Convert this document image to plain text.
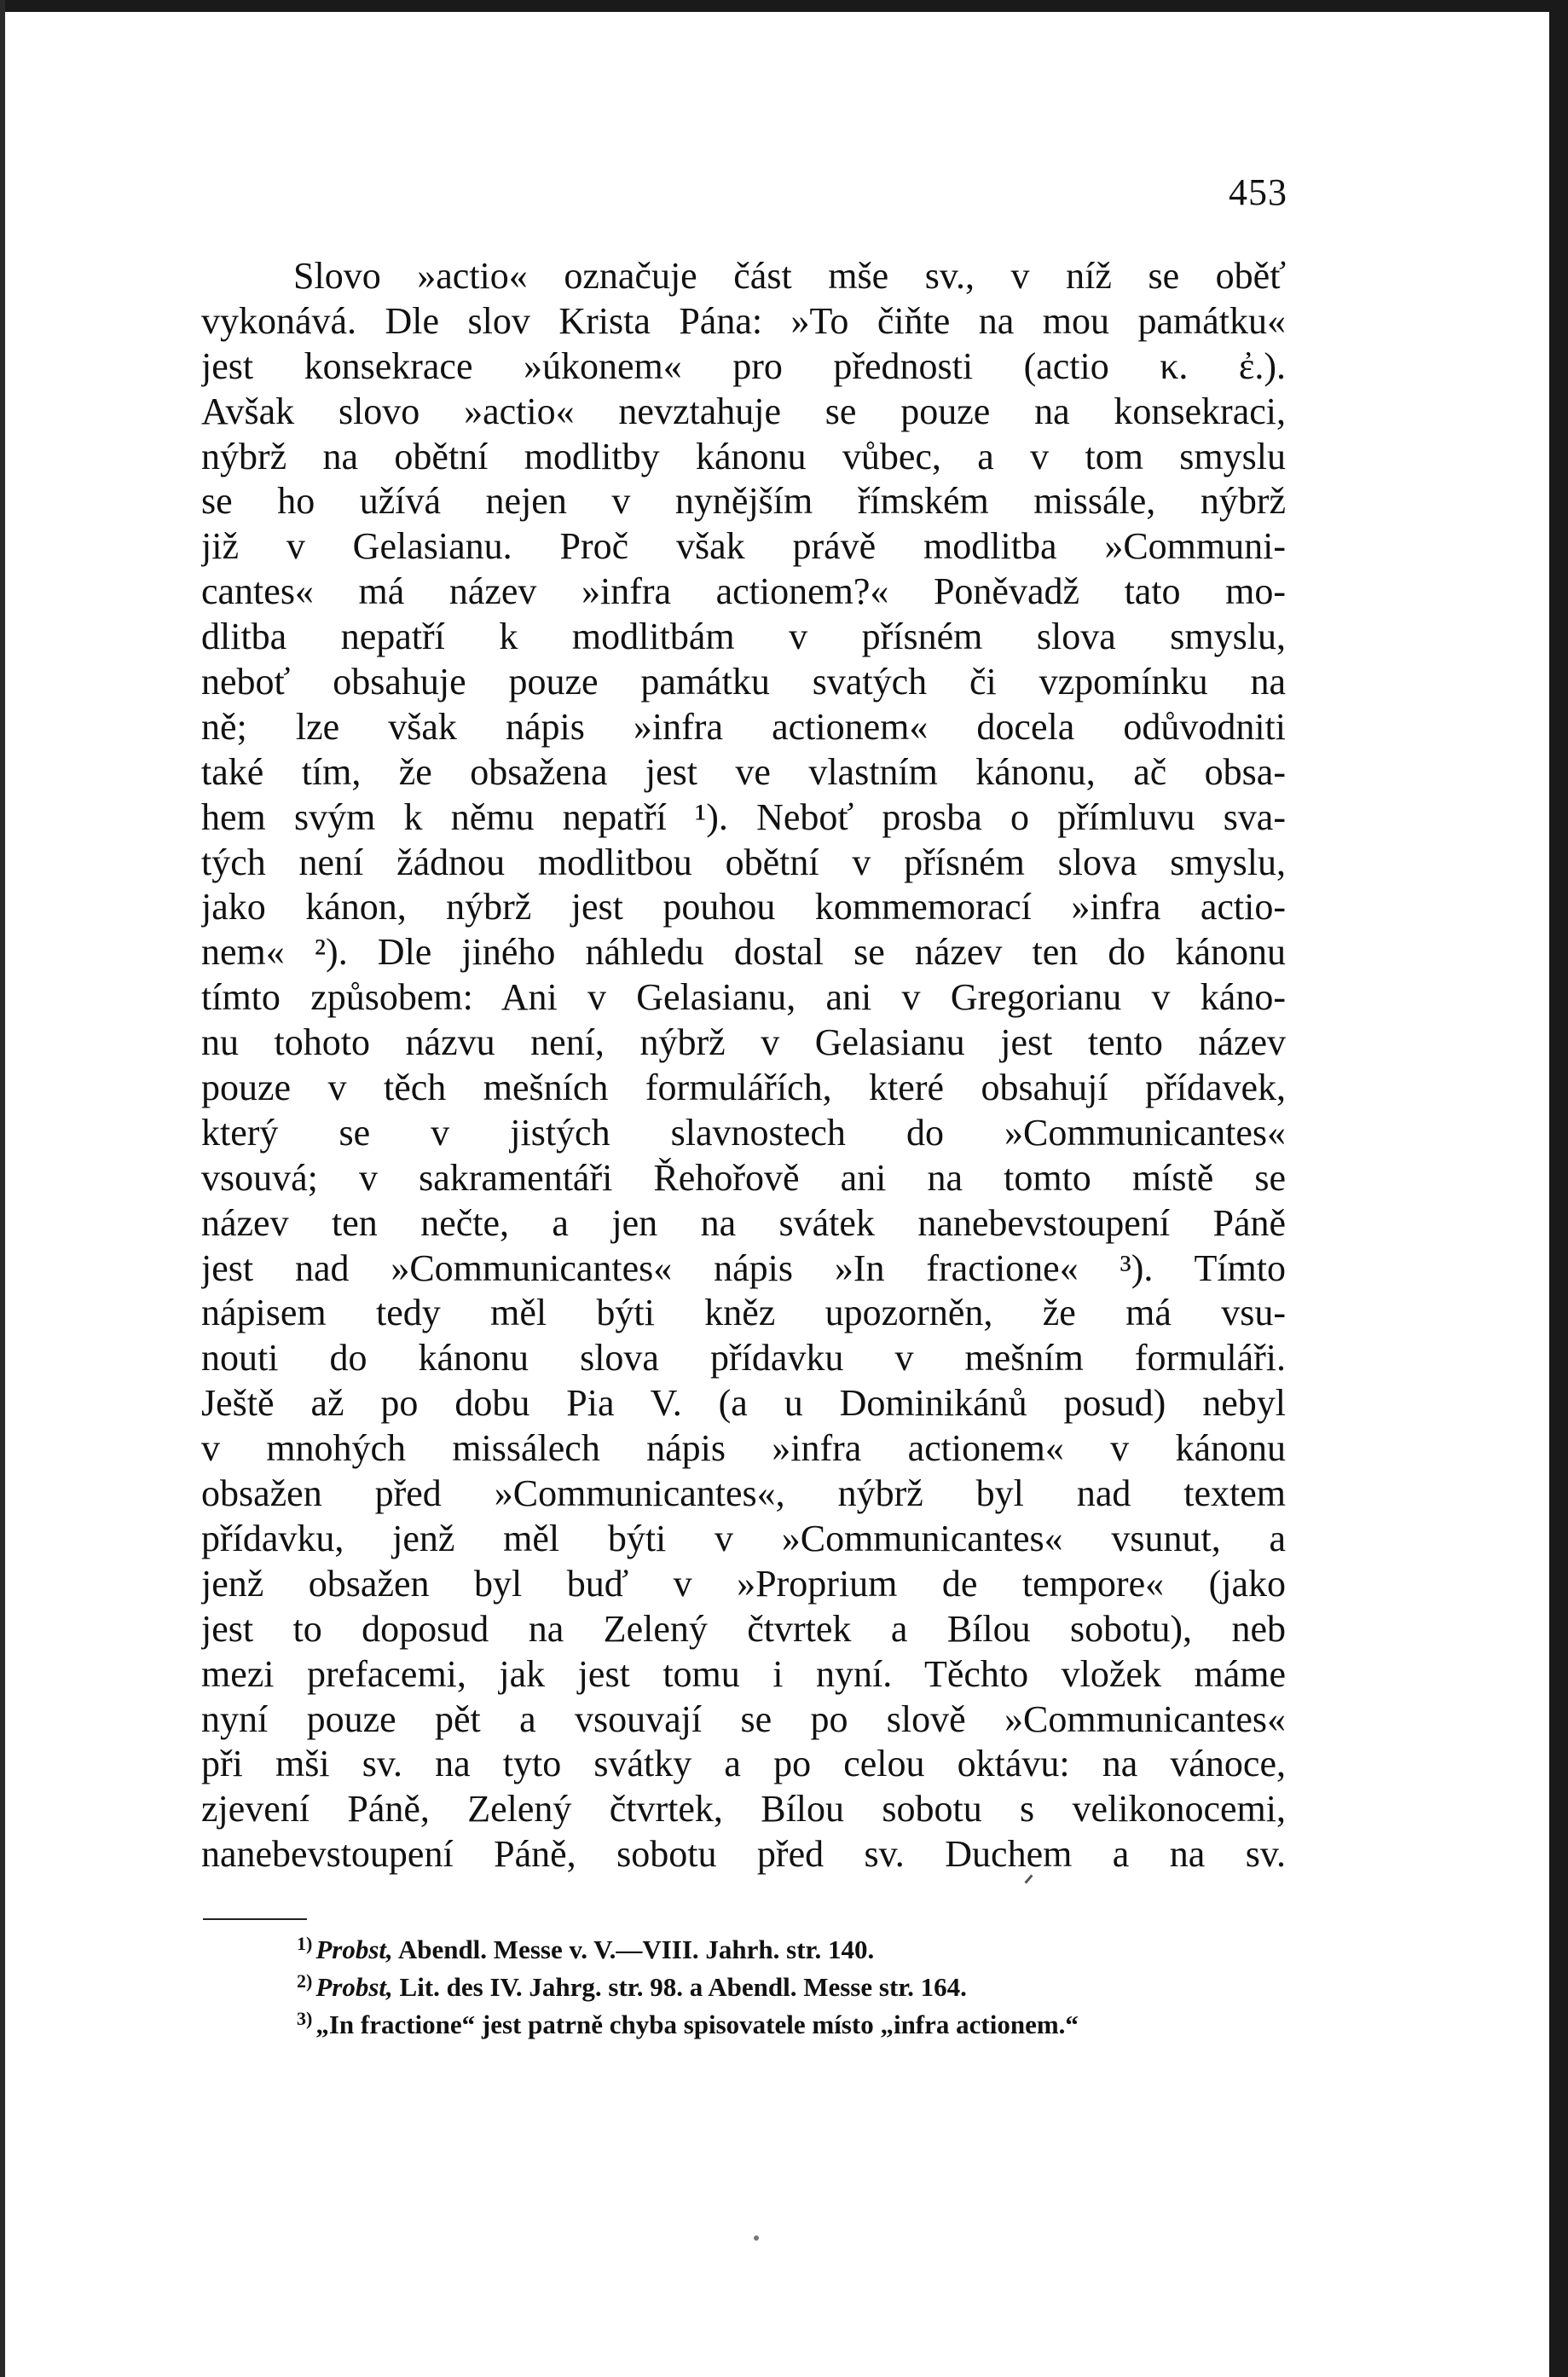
453
Slovo »actio« označuje část mše sv., v níž se oběť
vykonává. Dle slov Krista Pána: »To čiňte na mou památku«
jest konsekrace »úkonem« pro přednosti (actio κ. ἐ.).
Avšak slovo »actio« nevztahuje se pouze na konsekraci,
nýbrž na obětní modlitby kánonu vůbec, a v tom smyslu
se ho užívá nejen v nynějším římském missále, nýbrž
již v Gelasianu. Proč však právě modlitba »Communi-
cantes« má název »infra actionem?« Poněvadž tato mo-
dlitba nepatří k modlitbám v přísném slova smyslu,
neboť obsahuje pouze památku svatých či vzpomínku na
ně; lze však nápis »infra actionem« docela odůvodniti
také tím, že obsažena jest ve vlastním kánonu, ač obsa-
hem svým k němu nepatří ¹). Neboť prosba o přímluvu sva-
tých není žádnou modlitbou obětní v přísném slova smyslu,
jako kánon, nýbrž jest pouhou kommemorací »infra actio-
nem« ²). Dle jiného náhledu dostal se název ten do kánonu
tímto způsobem: Ani v Gelasianu, ani v Gregorianu v káno-
nu tohoto názvu není, nýbrž v Gelasianu jest tento název
pouze v těch mešních formulářích, které obsahují přídavek,
který se v jistých slavnostech do »Communicantes«
vsouvá; v sakramentáři Řehořově ani na tomto místě se
název ten nečte, a jen na svátek nanebevstoupení Páně
jest nad »Communicantes« nápis »In fractione« ³). Tímto
nápisem tedy měl býti kněz upozorněn, že má vsu-
nouti do kánonu slova přídavku v mešním formuláři.
Ještě až po dobu Pia V. (a u Dominikánů posud) nebyl
v mnohých missálech nápis »infra actionem« v kánonu
obsažen před »Communicantes«, nýbrž byl nad textem
přídavku, jenž měl býti v »Communicantes« vsunut, a
jenž obsažen byl buď v »Proprium de tempore« (jako
jest to doposud na Zelený čtvrtek a Bílou sobotu), neb
mezi prefacemi, jak jest tomu i nyní. Těchto vložek máme
nyní pouze pět a vsouvají se po slově »Communicantes«
při mši sv. na tyto svátky a po celou oktávu: na vánoce,
zjevení Páně, Zelený čtvrtek, Bílou sobotu s velikonocemi,
nanebevstoupení Páně, sobotu před sv. Duchem a na sv.
$^{1)}$ Probst, Abendl. Messe v. V.—VIII. Jahrh. str. 140.
$^{2)}$ Probst, Lit. des IV. Jahrg. str. 98. a Abendl. Messe str. 164.
$^{3)}$ „In fractione“ jest patrně chyba spisovatele místo „infra actionem.“
